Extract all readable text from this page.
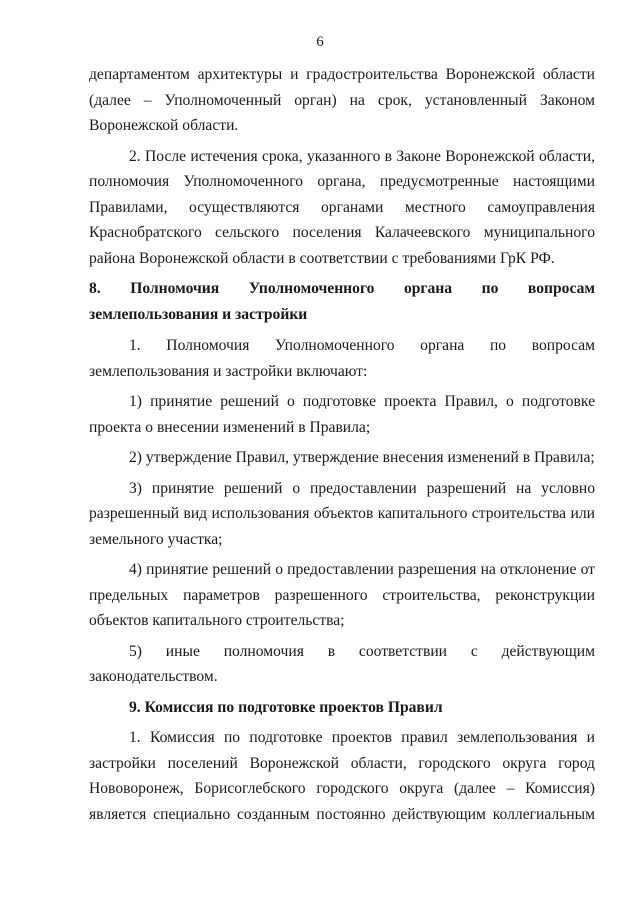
6

департаментом архитектуры и градостроительства Воронежской области (далее – Уполномоченный орган) на срок, установленный Законом Воронежской области.

2. После истечения срока, указанного в Законе Воронежской области, полномочия Уполномоченного органа, предусмотренные настоящими Правилами, осуществляются органами местного самоуправления Краснобратского сельского поселения Калачеевского муниципального района Воронежской области в соответствии с требованиями ГрК РФ.

8. Полномочия Уполномоченного органа по вопросам землепользования и застройки

1. Полномочия Уполномоченного органа по вопросам землепользования и застройки включают:

1) принятие решений о подготовке проекта Правил, о подготовке проекта о внесении изменений в Правила;

2) утверждение Правил, утверждение внесения изменений в Правила;

3) принятие решений о предоставлении разрешений на условно разрешенный вид использования объектов капитального строительства или земельного участка;

4) принятие решений о предоставлении разрешения на отклонение от предельных параметров разрешенного строительства, реконструкции объектов капитального строительства;

5) иные полномочия в соответствии с действующим законодательством.

9. Комиссия по подготовке проектов Правил

1. Комиссия по подготовке проектов правил землепользования и застройки поселений Воронежской области, городского округа город Нововоронеж, Борисоглебского городского округа (далее – Комиссия) является специально созданным постоянно действующим коллегиальным
